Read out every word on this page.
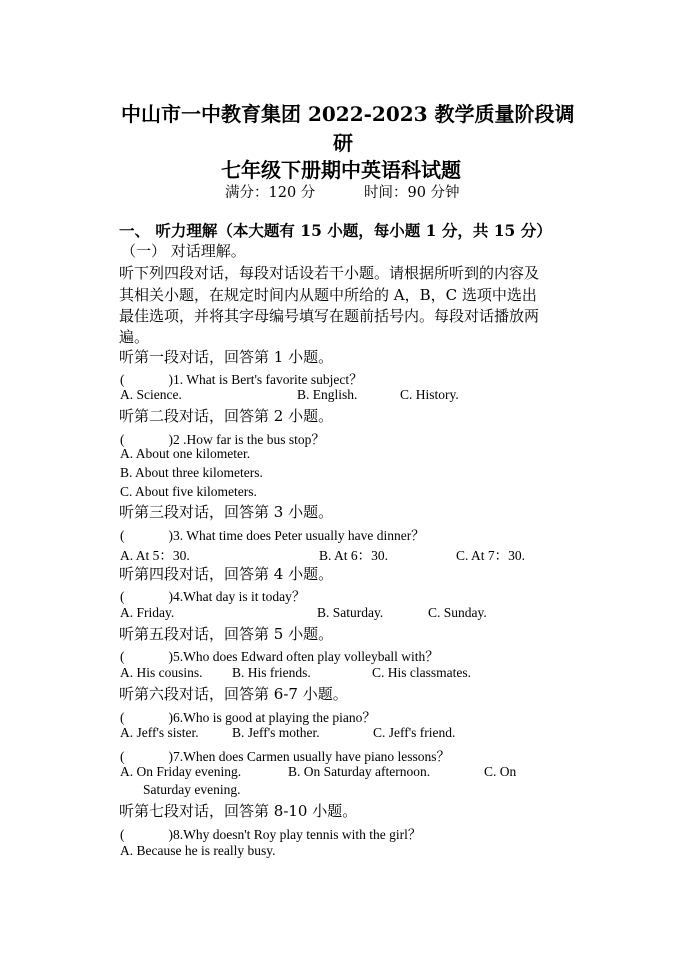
中山市一中教育集团 2022-2023 教学质量阶段调
研
七年级下册期中英语科试题
满分：120 分	时间：90 分钟
一、 听力理解（本大题有 15 小题，每小题 1 分，共 15 分）
（一） 对话理解。
听下列四段对话，每段对话设若干小题。请根据所听到的内容及
其相关小题，在规定时间内从题中所给的 A，B，C 选项中选出
最佳选项，并将其字母编号填写在题前括号内。每段对话播放两
遍。
听第一段对话，回答第 1 小题。
(	)1. What is Bert's favorite subject？
A. Science.	B. English.	C. History.
听第二段对话，回答第 2 小题。
(	)2 .How far is the bus stop？
A. About one kilometer.
B. About three kilometers.
C. About five kilometers.
听第三段对话，回答第 3 小题。
(	)3. What time does Peter usually have dinner？
A. At 5：30.	B. At 6：30.	C. At 7：30.
听第四段对话，回答第 4 小题。
(	)4.What day is it today？
A. Friday.	B. Saturday.	C. Sunday.
听第五段对话，回答第 5 小题。
(	)5.Who does Edward often play volleyball with？
A. His cousins. B. His friends.	C. His classmates.
听第六段对话，回答第 6-7 小题。
(	)6.Who is good at playing the piano？
A. Jeff's sister. B. Jeff's mother.	C. Jeff's friend.
(	)7.When does Carmen usually have piano lessons？
A. On Friday evening.	B. On Saturday afternoon.	C. On
Saturday evening.
听第七段对话，回答第 8-10 小题。
(	)8.Why doesn't Roy play tennis with the girl？
A. Because he is really busy.
